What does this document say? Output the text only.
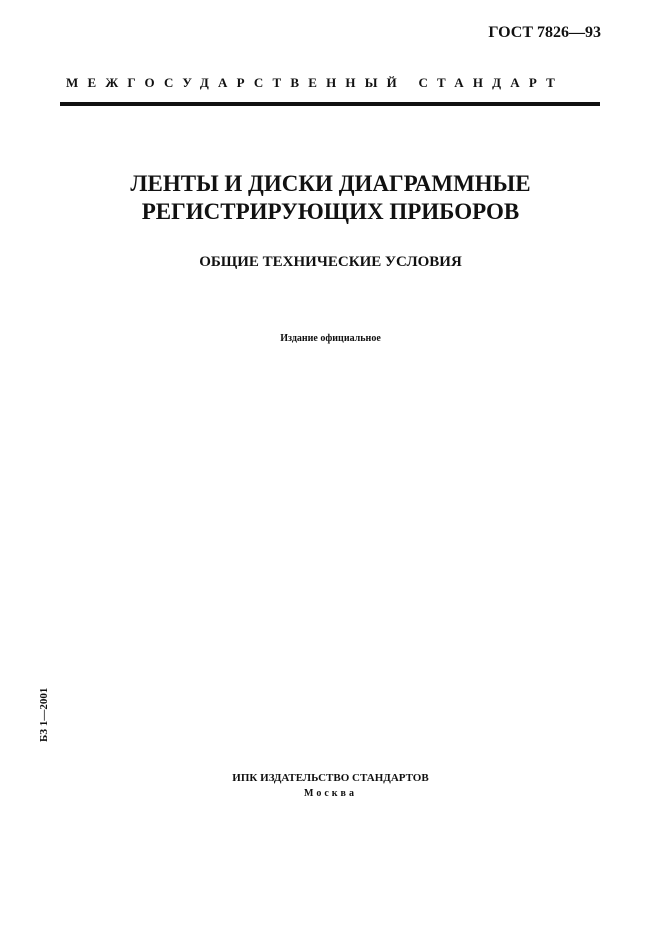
ГОСТ 7826—93
МЕЖГОСУДАРСТВЕННЫЙ СТАНДАРТ
ЛЕНТЫ И ДИСКИ ДИАГРАММНЫЕ
РЕГИСТРИРУЮЩИХ ПРИБОРОВ
ОБЩИЕ ТЕХНИЧЕСКИЕ УСЛОВИЯ
Издание официальное
БЗ 1—2001
ИПК ИЗДАТЕЛЬСТВО СТАНДАРТОВ
Москва
